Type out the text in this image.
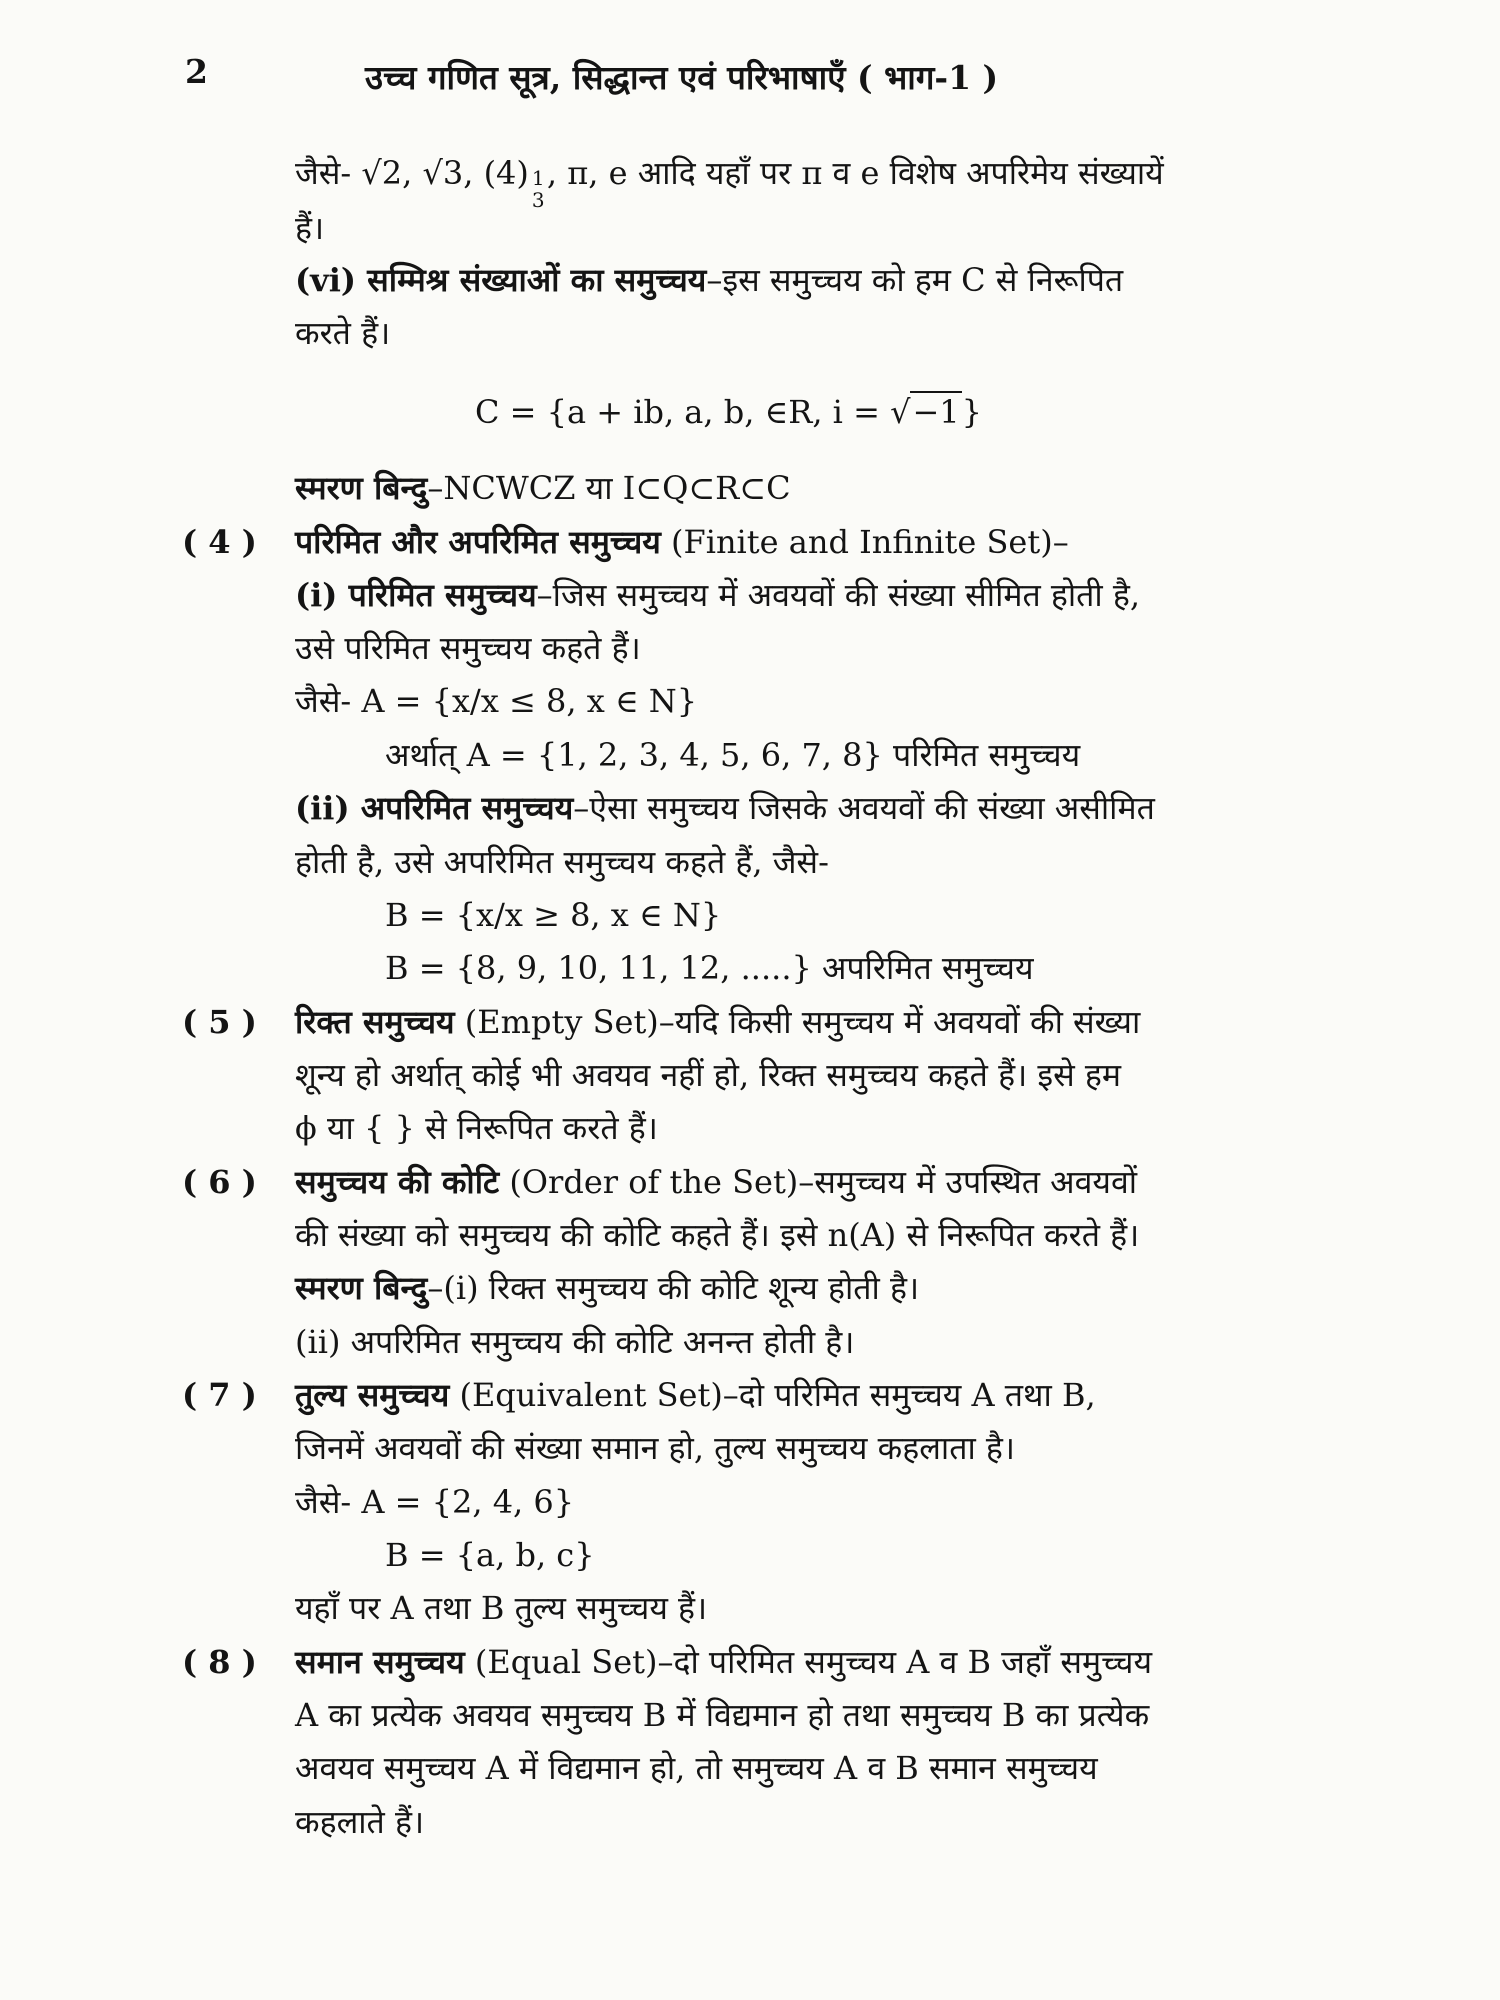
2	उच्च गणित सूत्र, सिद्धान्त एवं परिभाषाएँ ( भाग-1 )
जैसे- √2, √3, (4) 1
3
, π, e आदि यहाँ पर π व e विशेष अपरिमेय संख्यायें
हैं।
(vi) सम्मिश्र संख्याओं का समुच्चय–इस समुच्चय को हम C से निरूपित
करते हैं।
C = {a + ib, a, b, ∈R, i = √−1}
स्मरण बिन्दु–NCWCZ या I⊂Q⊂R⊂C
( 4 ) परिमित और अपरिमित समुच्चय (Finite and Infinite Set)–
(i) परिमित समुच्चय–जिस समुच्चय में अवयवों की संख्या सीमित होती है,
उसे परिमित समुच्चय कहते हैं।
जैसे- A = {x/x ≤ 8, x ∈ N}
अर्थात् A = {1, 2, 3, 4, 5, 6, 7, 8} परिमित समुच्चय
(ii) अपरिमित समुच्चय–ऐसा समुच्चय जिसके अवयवों की संख्या असीमित
होती है, उसे अपरिमित समुच्चय कहते हैं, जैसे-
B = {x/x ≥ 8, x ∈ N}
B = {8, 9, 10, 11, 12, .....} अपरिमित समुच्चय
( 5 ) रिक्त समुच्चय (Empty Set)–यदि किसी समुच्चय में अवयवों की संख्या
शून्य हो अर्थात् कोई भी अवयव नहीं हो, रिक्त समुच्चय कहते हैं। इसे हम
ϕ या { } से निरूपित करते हैं।
( 6 ) समुच्चय की कोटि (Order of the Set)–समुच्चय में उपस्थित अवयवों
की संख्या को समुच्चय की कोटि कहते हैं। इसे n(A) से निरूपित करते हैं।
स्मरण बिन्दु–(i) रिक्त समुच्चय की कोटि शून्य होती है।
(ii) अपरिमित समुच्चय की कोटि अनन्त होती है।
( 7 ) तुल्य समुच्चय (Equivalent Set)–दो परिमित समुच्चय A तथा B,
जिनमें अवयवों की संख्या समान हो, तुल्य समुच्चय कहलाता है।
जैसे- A = {2, 4, 6}
B = {a, b, c}
यहाँ पर A तथा B तुल्य समुच्चय हैं।
( 8 ) समान समुच्चय (Equal Set)–दो परिमित समुच्चय A व B जहाँ समुच्चय
A का प्रत्येक अवयव समुच्चय B में विद्यमान हो तथा समुच्चय B का प्रत्येक
अवयव समुच्चय A में विद्यमान हो, तो समुच्चय A व B समान समुच्चय
कहलाते हैं।
